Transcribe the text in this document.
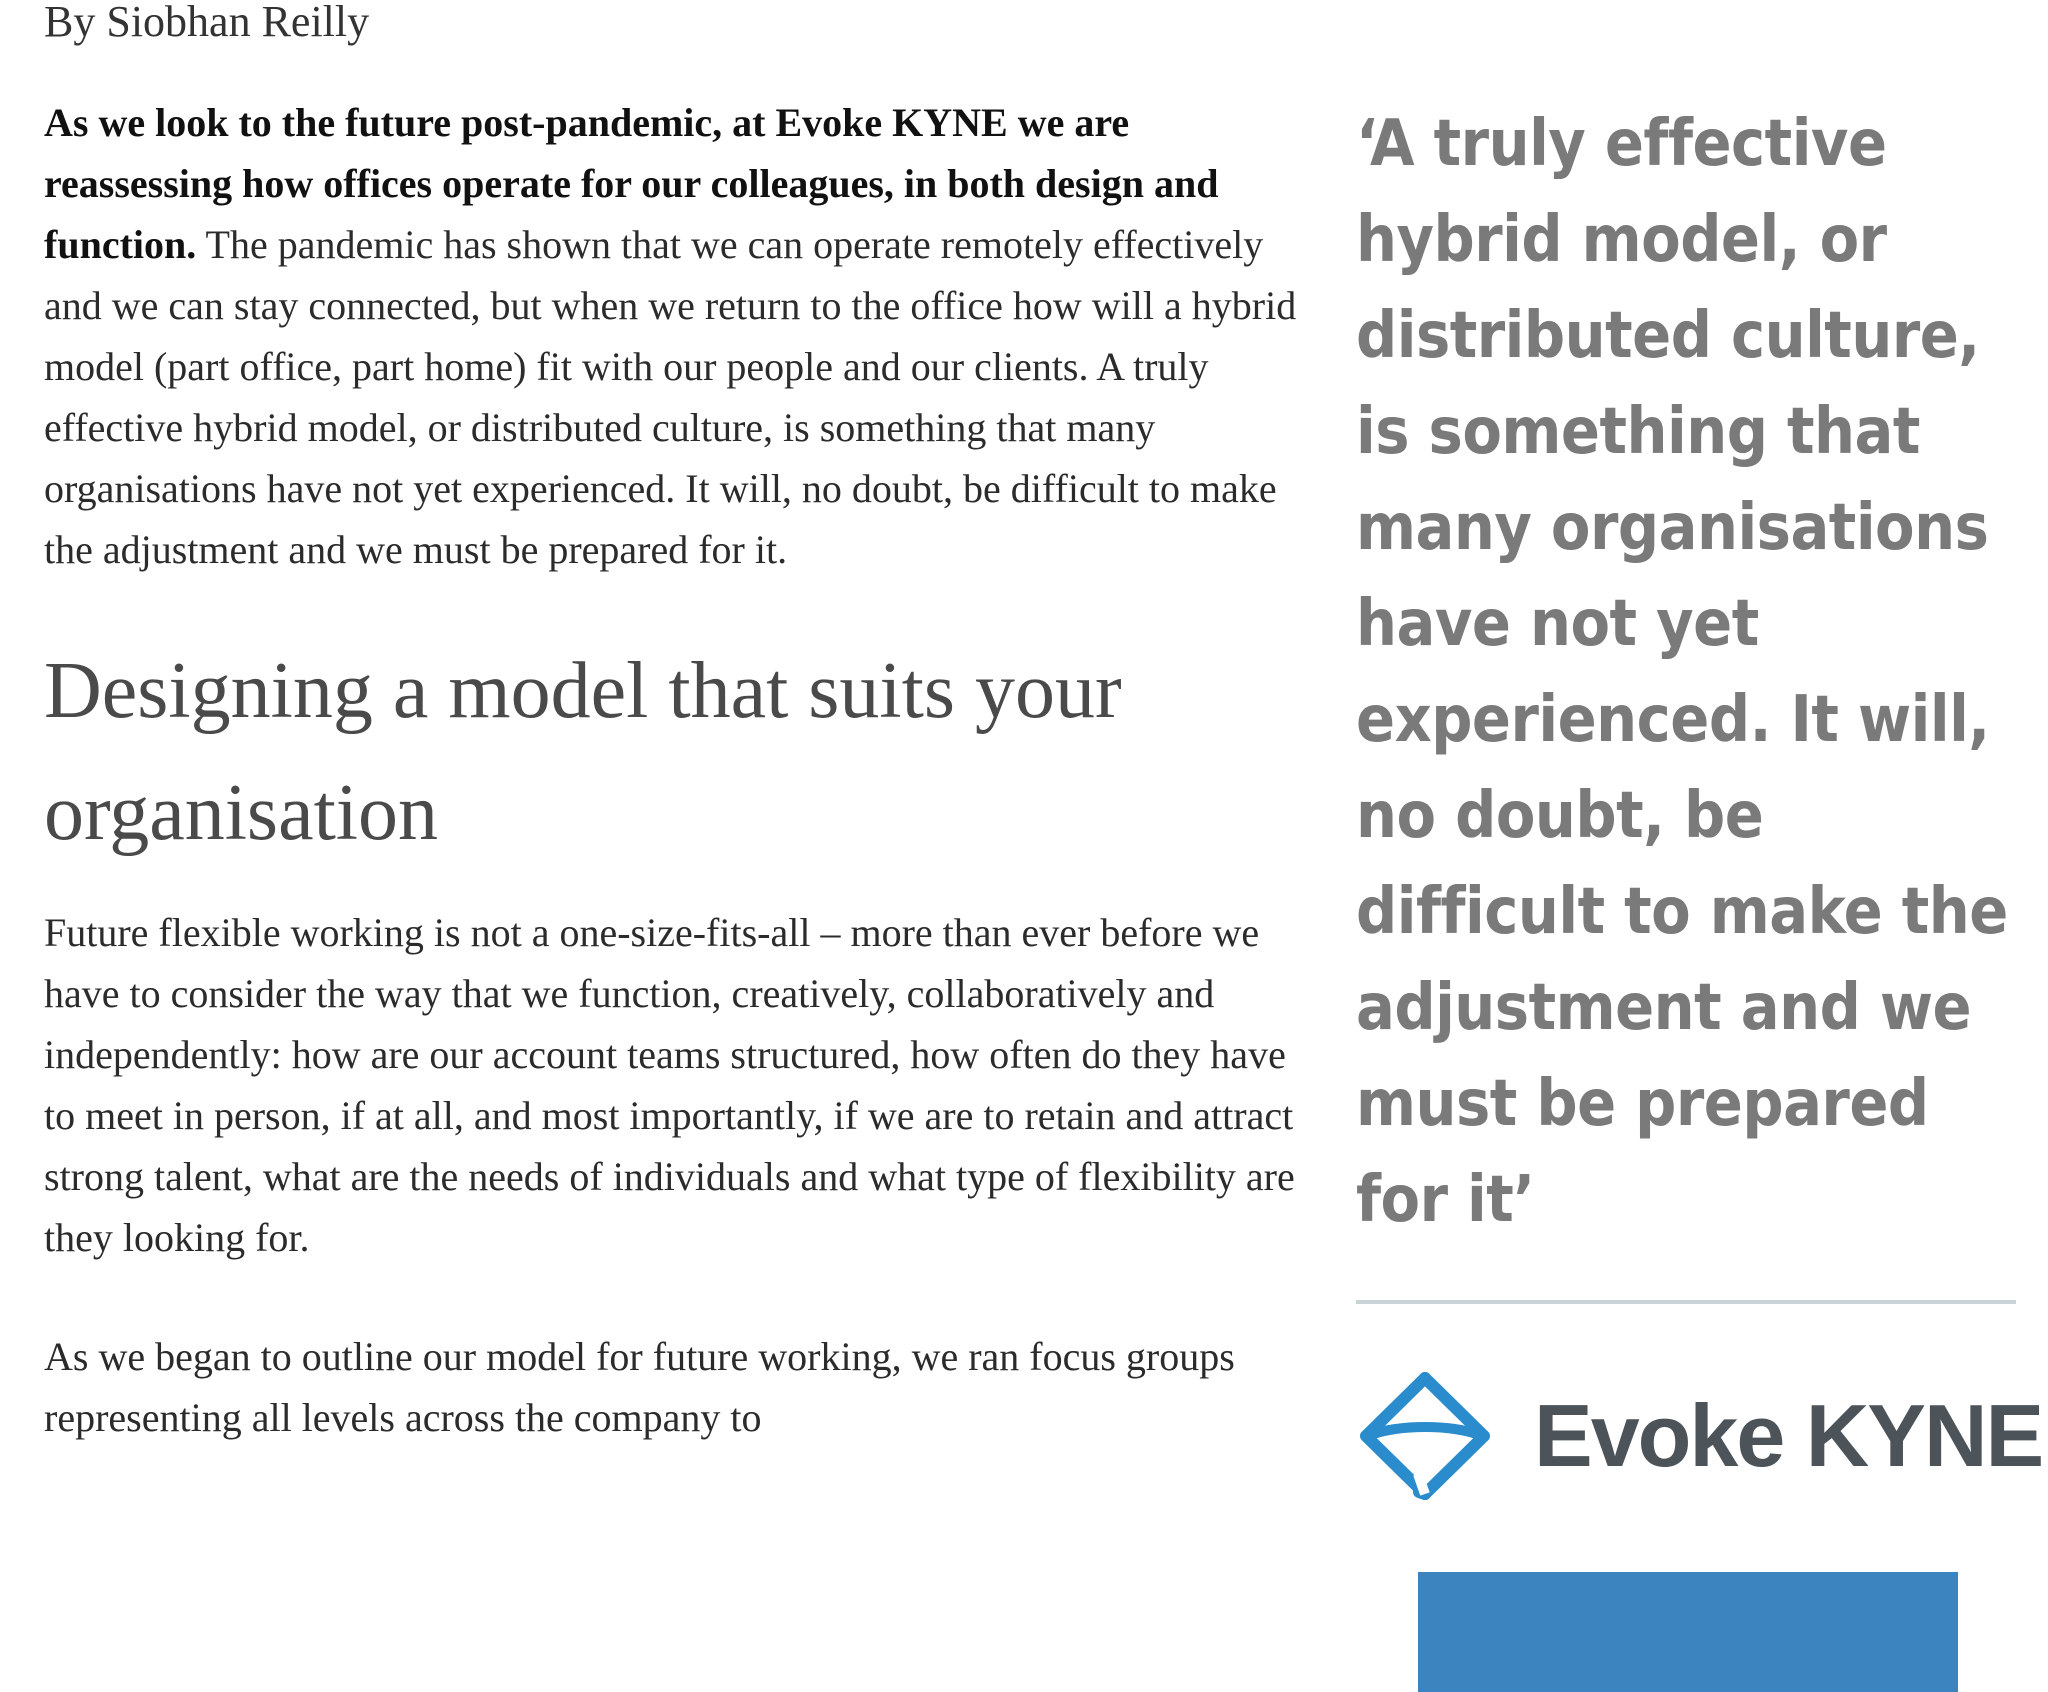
By Siobhan Reilly

As we look to the future post-pandemic, at Evoke KYNE we are reassessing how offices operate for our colleagues, in both design and function. The pandemic has shown that we can operate remotely effectively and we can stay connected, but when we return to the office how will a hybrid model (part office, part home) fit with our people and our clients. A truly effective hybrid model, or distributed culture, is something that many organisations have not yet experienced. It will, no doubt, be difficult to make the adjustment and we must be prepared for it.

Designing a model that suits your organisation

Future flexible working is not a one-size-fits-all – more than ever before we have to consider the way that we function, creatively, collaboratively and independently: how are our account teams structured, how often do they have to meet in person, if at all, and most importantly, if we are to retain and attract strong talent, what are the needs of individuals and what type of flexibility are they looking for.

As we began to outline our model for future working, we ran focus groups representing all levels across the company to

‘A truly effective hybrid model, or distributed culture, is something that many organisations have not yet experienced. It will, no doubt, be difficult to make the adjustment and we must be prepared for it’

Evoke KYNE
